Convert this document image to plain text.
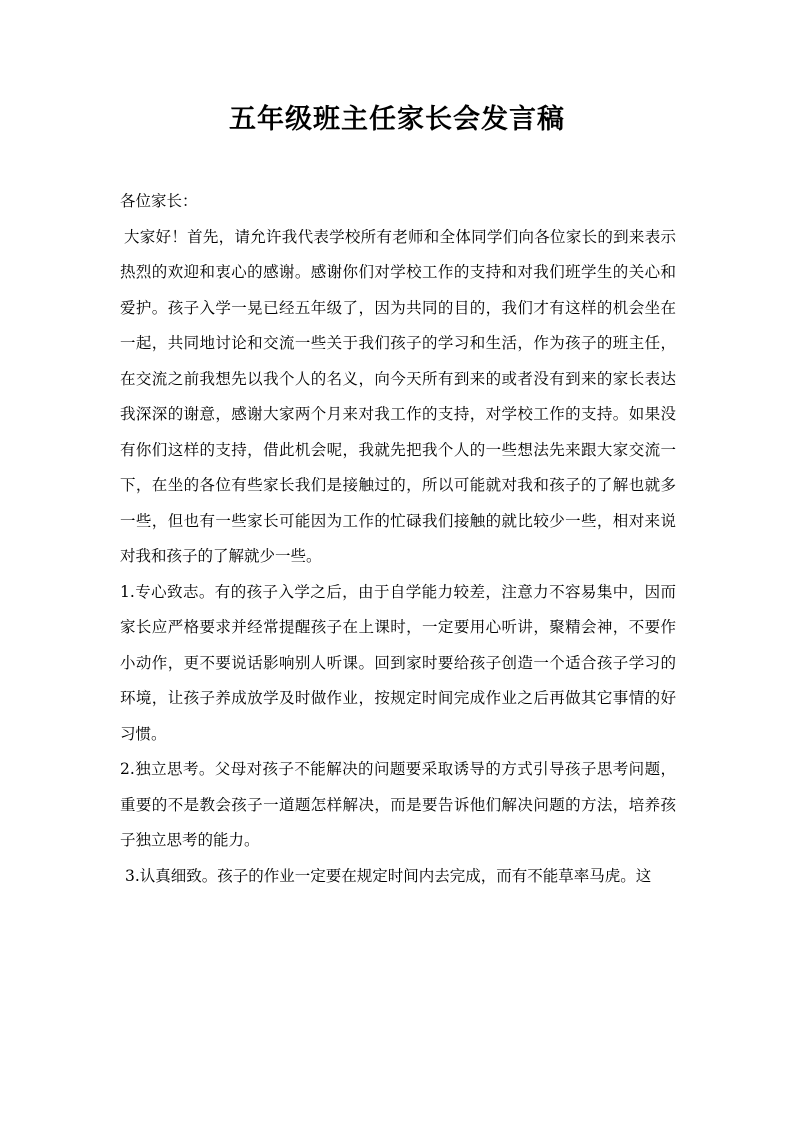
五年级班主任家长会发言稿

各位家长：

大家好！首先，请允许我代表学校所有老师和全体同学们向各位家长的到来表示热烈的欢迎和衷心的感谢。感谢你们对学校工作的支持和对我们班学生的关心和爱护。孩子入学一晃已经五年级了，因为共同的目的，我们才有这样的机会坐在一起，共同地讨论和交流一些关于我们孩子的学习和生活，作为孩子的班主任，在交流之前我想先以我个人的名义，向今天所有到来的或者没有到来的家长表达我深深的谢意，感谢大家两个月来对我工作的支持，对学校工作的支持。如果没有你们这样的支持，借此机会呢，我就先把我个人的一些想法先来跟大家交流一下，在坐的各位有些家长我们是接触过的，所以可能就对我和孩子的了解也就多一些，但也有一些家长可能因为工作的忙碌我们接触的就比较少一些，相对来说对我和孩子的了解就少一些。

1.专心致志。有的孩子入学之后，由于自学能力较差，注意力不容易集中，因而家长应严格要求并经常提醒孩子在上课时，一定要用心听讲，聚精会神，不要作小动作，更不要说话影响别人听课。回到家时要给孩子创造一个适合孩子学习的环境，让孩子养成放学及时做作业，按规定时间完成作业之后再做其它事情的好习惯。

2.独立思考。父母对孩子不能解决的问题要采取诱导的方式引导孩子思考问题，重要的不是教会孩子一道题怎样解决，而是要告诉他们解决问题的方法，培养孩子独立思考的能力。

3.认真细致。孩子的作业一定要在规定时间内去完成，而有不能草率马虎。这
